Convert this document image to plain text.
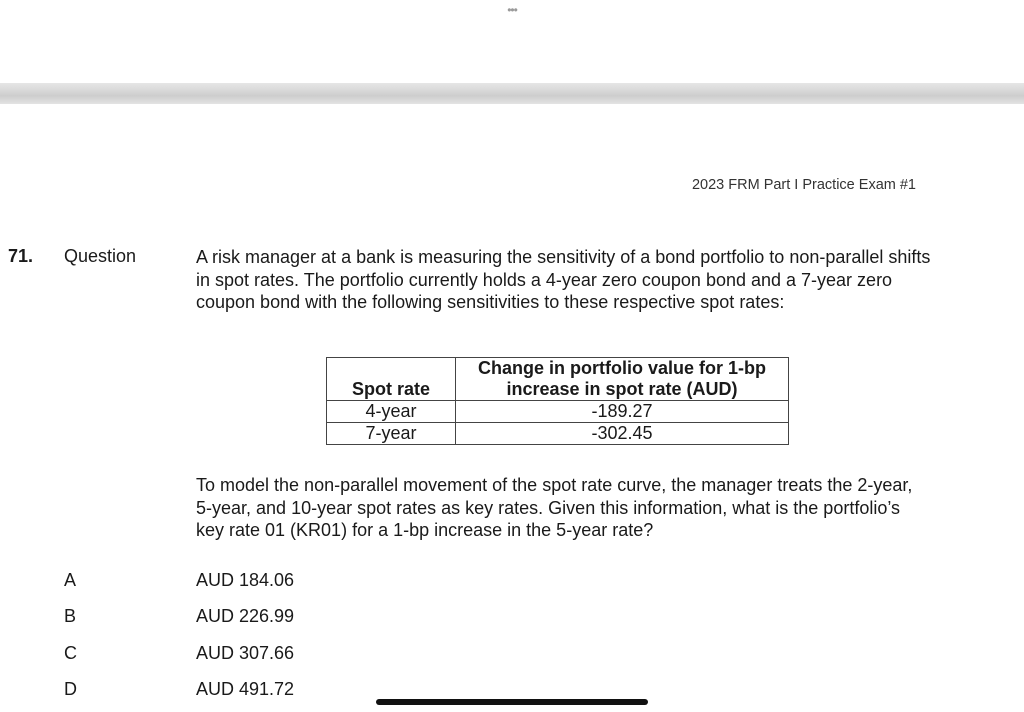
•••
2023 FRM Part I Practice Exam #1
71. Question	A risk manager at a bank is measuring the sensitivity of a bond portfolio to non-parallel shifts in spot rates. The portfolio currently holds a 4-year zero coupon bond and a 7-year zero coupon bond with the following sensitivities to these respective spot rates:

Spot rate	Change in portfolio value for 1-bp increase in spot rate (AUD)
4-year	-189.27
7-year	-302.45

To model the non-parallel movement of the spot rate curve, the manager treats the 2-year, 5-year, and 10-year spot rates as key rates. Given this information, what is the portfolio’s key rate 01 (KR01) for a 1-bp increase in the 5-year rate?

A	AUD 184.06
B	AUD 226.99
C	AUD 307.66
D	AUD 491.72
